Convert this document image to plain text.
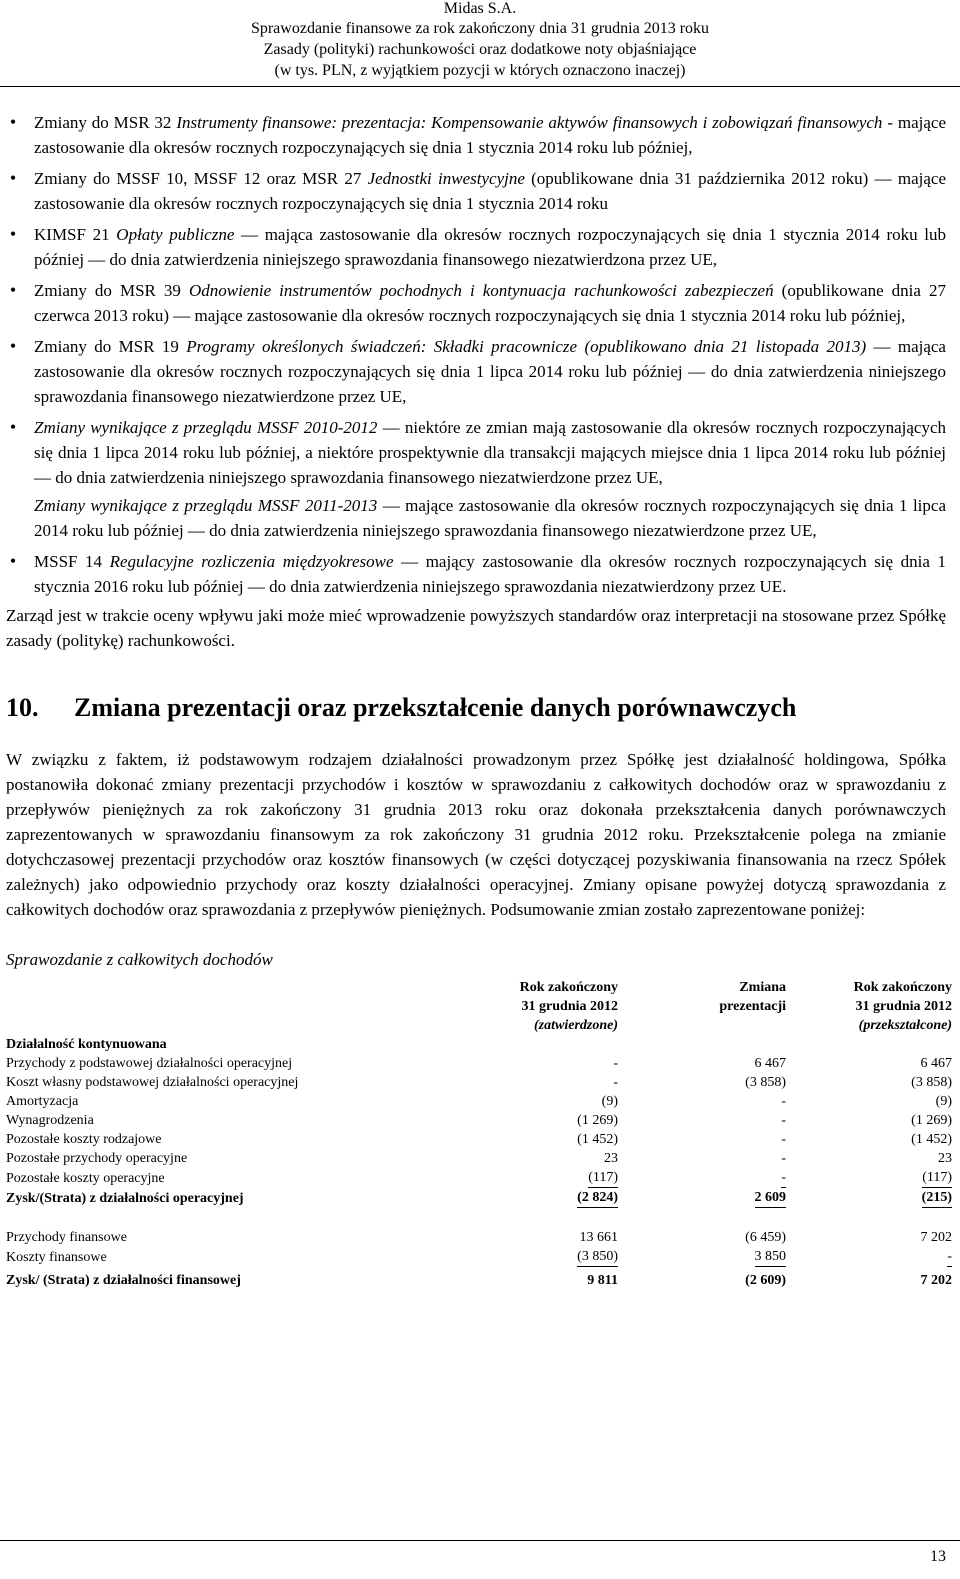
Midas S.A.
Sprawozdanie finansowe za rok zakończony dnia 31 grudnia 2013 roku
Zasady (polityki) rachunkowości oraz dodatkowe noty objaśniające
(w tys. PLN, z wyjątkiem pozycji w których oznaczono inaczej)
•
Zmiany do MSR 32 Instrumenty finansowe: prezentacja: Kompensowanie aktywów finansowych i zobowiązań finansowych - mające zastosowanie dla okresów rocznych rozpoczynających się dnia 1 stycznia 2014 roku lub później,
•
Zmiany do MSSF 10, MSSF 12 oraz MSR 27 Jednostki inwestycyjne (opublikowane dnia 31 października 2012 roku) — mające zastosowanie dla okresów rocznych rozpoczynających się dnia 1 stycznia 2014 roku
•
KIMSF 21 Opłaty publiczne — mająca zastosowanie dla okresów rocznych rozpoczynających się dnia 1 stycznia 2014 roku lub później — do dnia zatwierdzenia niniejszego sprawozdania finansowego niezatwierdzona przez UE,
•
Zmiany do MSR 39 Odnowienie instrumentów pochodnych i kontynuacja rachunkowości zabezpieczeń (opublikowane dnia 27 czerwca 2013 roku) — mające zastosowanie dla okresów rocznych rozpoczynających się dnia 1 stycznia 2014 roku lub później,
•
Zmiany do MSR 19 Programy określonych świadczeń: Składki pracownicze (opublikowano dnia 21 listopada 2013) — mająca zastosowanie dla okresów rocznych rozpoczynających się dnia 1 lipca 2014 roku lub później — do dnia zatwierdzenia niniejszego sprawozdania finansowego niezatwierdzone przez UE,
•
Zmiany wynikające z przeglądu MSSF 2010-2012 — niektóre ze zmian mają zastosowanie dla okresów rocznych rozpoczynających się dnia 1 lipca 2014 roku lub później, a niektóre prospektywnie dla transakcji mających miejsce dnia 1 lipca 2014 roku lub później — do dnia zatwierdzenia niniejszego sprawozdania finansowego niezatwierdzone przez UE,
Zmiany wynikające z przeglądu MSSF 2011-2013 — mające zastosowanie dla okresów rocznych rozpoczynających się dnia 1 lipca 2014 roku lub później — do dnia zatwierdzenia niniejszego sprawozdania finansowego niezatwierdzone przez UE,
•
MSSF 14 Regulacyjne rozliczenia międzyokresowe — mający zastosowanie dla okresów rocznych rozpoczynających się dnia 1 stycznia 2016 roku lub później — do dnia zatwierdzenia niniejszego sprawozdania niezatwierdzony przez UE.

Zarząd jest w trakcie oceny wpływu jaki może mieć wprowadzenie powyższych standardów oraz interpretacji na stosowane przez Spółkę zasady (politykę) rachunkowości.

10.	Zmiana prezentacji oraz przekształcenie danych porównawczych

W związku z faktem, iż podstawowym rodzajem działalności prowadzonym przez Spółkę jest działalność holdingowa, Spółka postanowiła dokonać zmiany prezentacji przychodów i kosztów w sprawozdaniu z całkowitych dochodów oraz w sprawozdaniu z przepływów pieniężnych za rok zakończony 31 grudnia 2013 roku oraz dokonała przekształcenia danych porównawczych zaprezentowanych w sprawozdaniu finansowym za rok zakończony 31 grudnia 2012 roku. Przekształcenie polega na zmianie dotychczasowej prezentacji przychodów oraz kosztów finansowych (w części dotyczącej pozyskiwania finansowania na rzecz Spółek zależnych) jako odpowiednio przychody oraz koszty działalności operacyjnej. Zmiany opisane powyżej dotyczą sprawozdania z całkowitych dochodów oraz sprawozdania z przepływów pieniężnych. Podsumowanie zmian zostało zaprezentowane poniżej:

Sprawozdanie z całkowitych dochodów
	Rok zakończony
31 grudnia 2012
(zatwierdzone)	Zmiana
prezentacji	Rok zakończony
31 grudnia 2012
(przekształcone)
Działalność kontynuowana			
Przychody z podstawowej działalności operacyjnej	-	6 467	6 467
Koszt własny podstawowej działalności operacyjnej	-	(3 858)	(3 858)
Amortyzacja	(9)	-	(9)
Wynagrodzenia	(1 269)	-	(1 269)
Pozostałe koszty rodzajowe	(1 452)	-	(1 452)
Pozostałe przychody operacyjne	23	-	23
Pozostałe koszty operacyjne	(117)	-	(117)
Zysk/(Strata) z działalności operacyjnej	(2 824)	2 609	(215)

Przychody finansowe	13 661	(6 459)	7 202
Koszty finansowe	(3 850)	3 850	-
Zysk/ (Strata) z działalności finansowej	9 811	(2 609)	7 202
13
